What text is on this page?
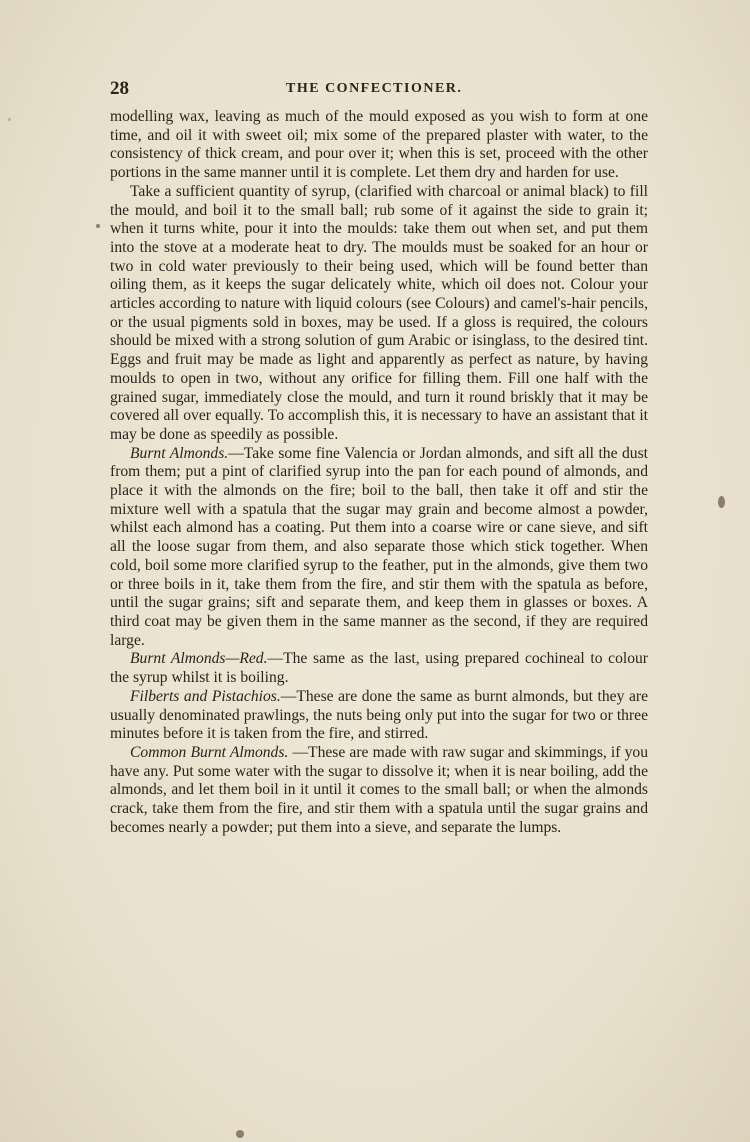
28	THE CONFECTIONER.

modelling wax, leaving as much of the mould exposed as you wish to form at one time, and oil it with sweet oil; mix some of the prepared plaster with water, to the consistency of thick cream, and pour over it; when this is set, proceed with the other portions in the same manner until it is complete. Let them dry and harden for use.

Take a sufficient quantity of syrup, (clarified with charcoal or animal black) to fill the mould, and boil it to the small ball; rub some of it against the side to grain it; when it turns white, pour it into the moulds: take them out when set, and put them into the stove at a moderate heat to dry. The moulds must be soaked for an hour or two in cold water previously to their being used, which will be found better than oiling them, as it keeps the sugar delicately white, which oil does not. Colour your articles according to nature with liquid colours (see Colours) and camel's-hair pencils, or the usual pigments sold in boxes, may be used. If a gloss is required, the colours should be mixed with a strong solution of gum Arabic or isinglass, to the desired tint. Eggs and fruit may be made as light and apparently as perfect as nature, by having moulds to open in two, without any orifice for filling them. Fill one half with the grained sugar, immediately close the mould, and turn it round briskly that it may be covered all over equally. To accomplish this, it is necessary to have an assistant that it may be done as speedily as possible.

Burnt Almonds.—Take some fine Valencia or Jordan almonds, and sift all the dust from them; put a pint of clarified syrup into the pan for each pound of almonds, and place it with the almonds on the fire; boil to the ball, then take it off and stir the mixture well with a spatula that the sugar may grain and become almost a powder, whilst each almond has a coating. Put them into a coarse wire or cane sieve, and sift all the loose sugar from them, and also separate those which stick together. When cold, boil some more clarified syrup to the feather, put in the almonds, give them two or three boils in it, take them from the fire, and stir them with the spatula as before, until the sugar grains; sift and separate them, and keep them in glasses or boxes. A third coat may be given them in the same manner as the second, if they are required large.

Burnt Almonds—Red.—The same as the last, using prepared cochineal to colour the syrup whilst it is boiling.

Filberts and Pistachios.—These are done the same as burnt almonds, but they are usually denominated prawlings, the nuts being only put into the sugar for two or three minutes before it is taken from the fire, and stirred.

Common Burnt Almonds. —These are made with raw sugar and skimmings, if you have any. Put some water with the sugar to dissolve it; when it is near boiling, add the almonds, and let them boil in it until it comes to the small ball; or when the almonds crack, take them from the fire, and stir them with a spatula until the sugar grains and becomes nearly a powder; put them into a sieve, and separate the lumps.
